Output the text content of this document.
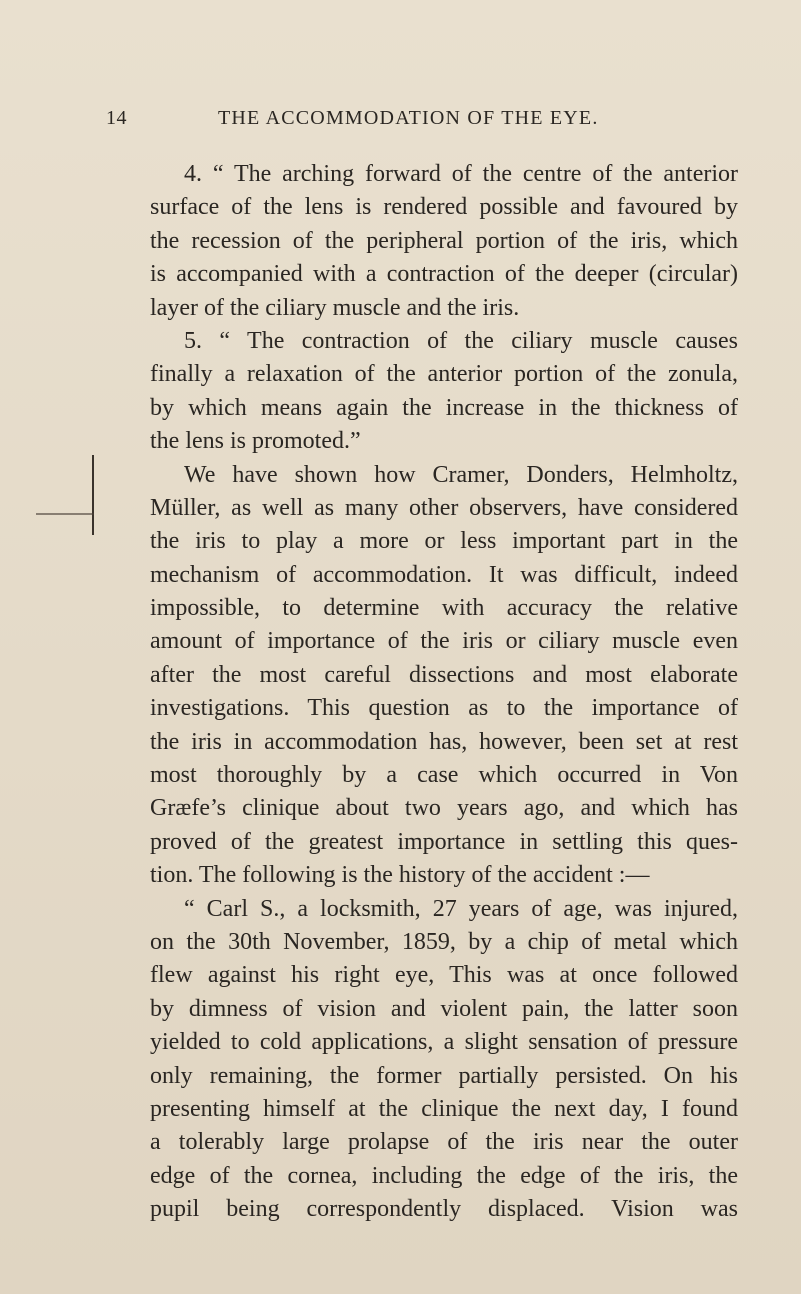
14	THE ACCOMMODATION OF THE EYE.
4. “ The arching forward of the centre of the anterior
surface of the lens is rendered possible and favoured by
the recession of the peripheral portion of the iris, which
is accompanied with a contraction of the deeper (circular)
layer of the ciliary muscle and the iris.
5. “ The contraction of the ciliary muscle causes
finally a relaxation of the anterior portion of the zonula,
by which means again the increase in the thickness of
the lens is promoted.”
We have shown how Cramer, Donders, Helmholtz,
Müller, as well as many other observers, have considered
the iris to play a more or less important part in the
mechanism of accommodation. It was difficult, indeed
impossible, to determine with accuracy the relative
amount of importance of the iris or ciliary muscle even
after the most careful dissections and most elaborate
investigations. This question as to the importance of
the iris in accommodation has, however, been set at rest
most thoroughly by a case which occurred in Von
Græfe’s clinique about two years ago, and which has
proved of the greatest importance in settling this ques-
tion. The following is the history of the accident :—
“ Carl S., a locksmith, 27 years of age, was injured,
on the 30th November, 1859, by a chip of metal which
flew against his right eye, This was at once followed
by dimness of vision and violent pain, the latter soon
yielded to cold applications, a slight sensation of pressure
only remaining, the former partially persisted. On his
presenting himself at the clinique the next day, I found
a tolerably large prolapse of the iris near the outer
edge of the cornea, including the edge of the iris, the
pupil being correspondently displaced. Vision was
